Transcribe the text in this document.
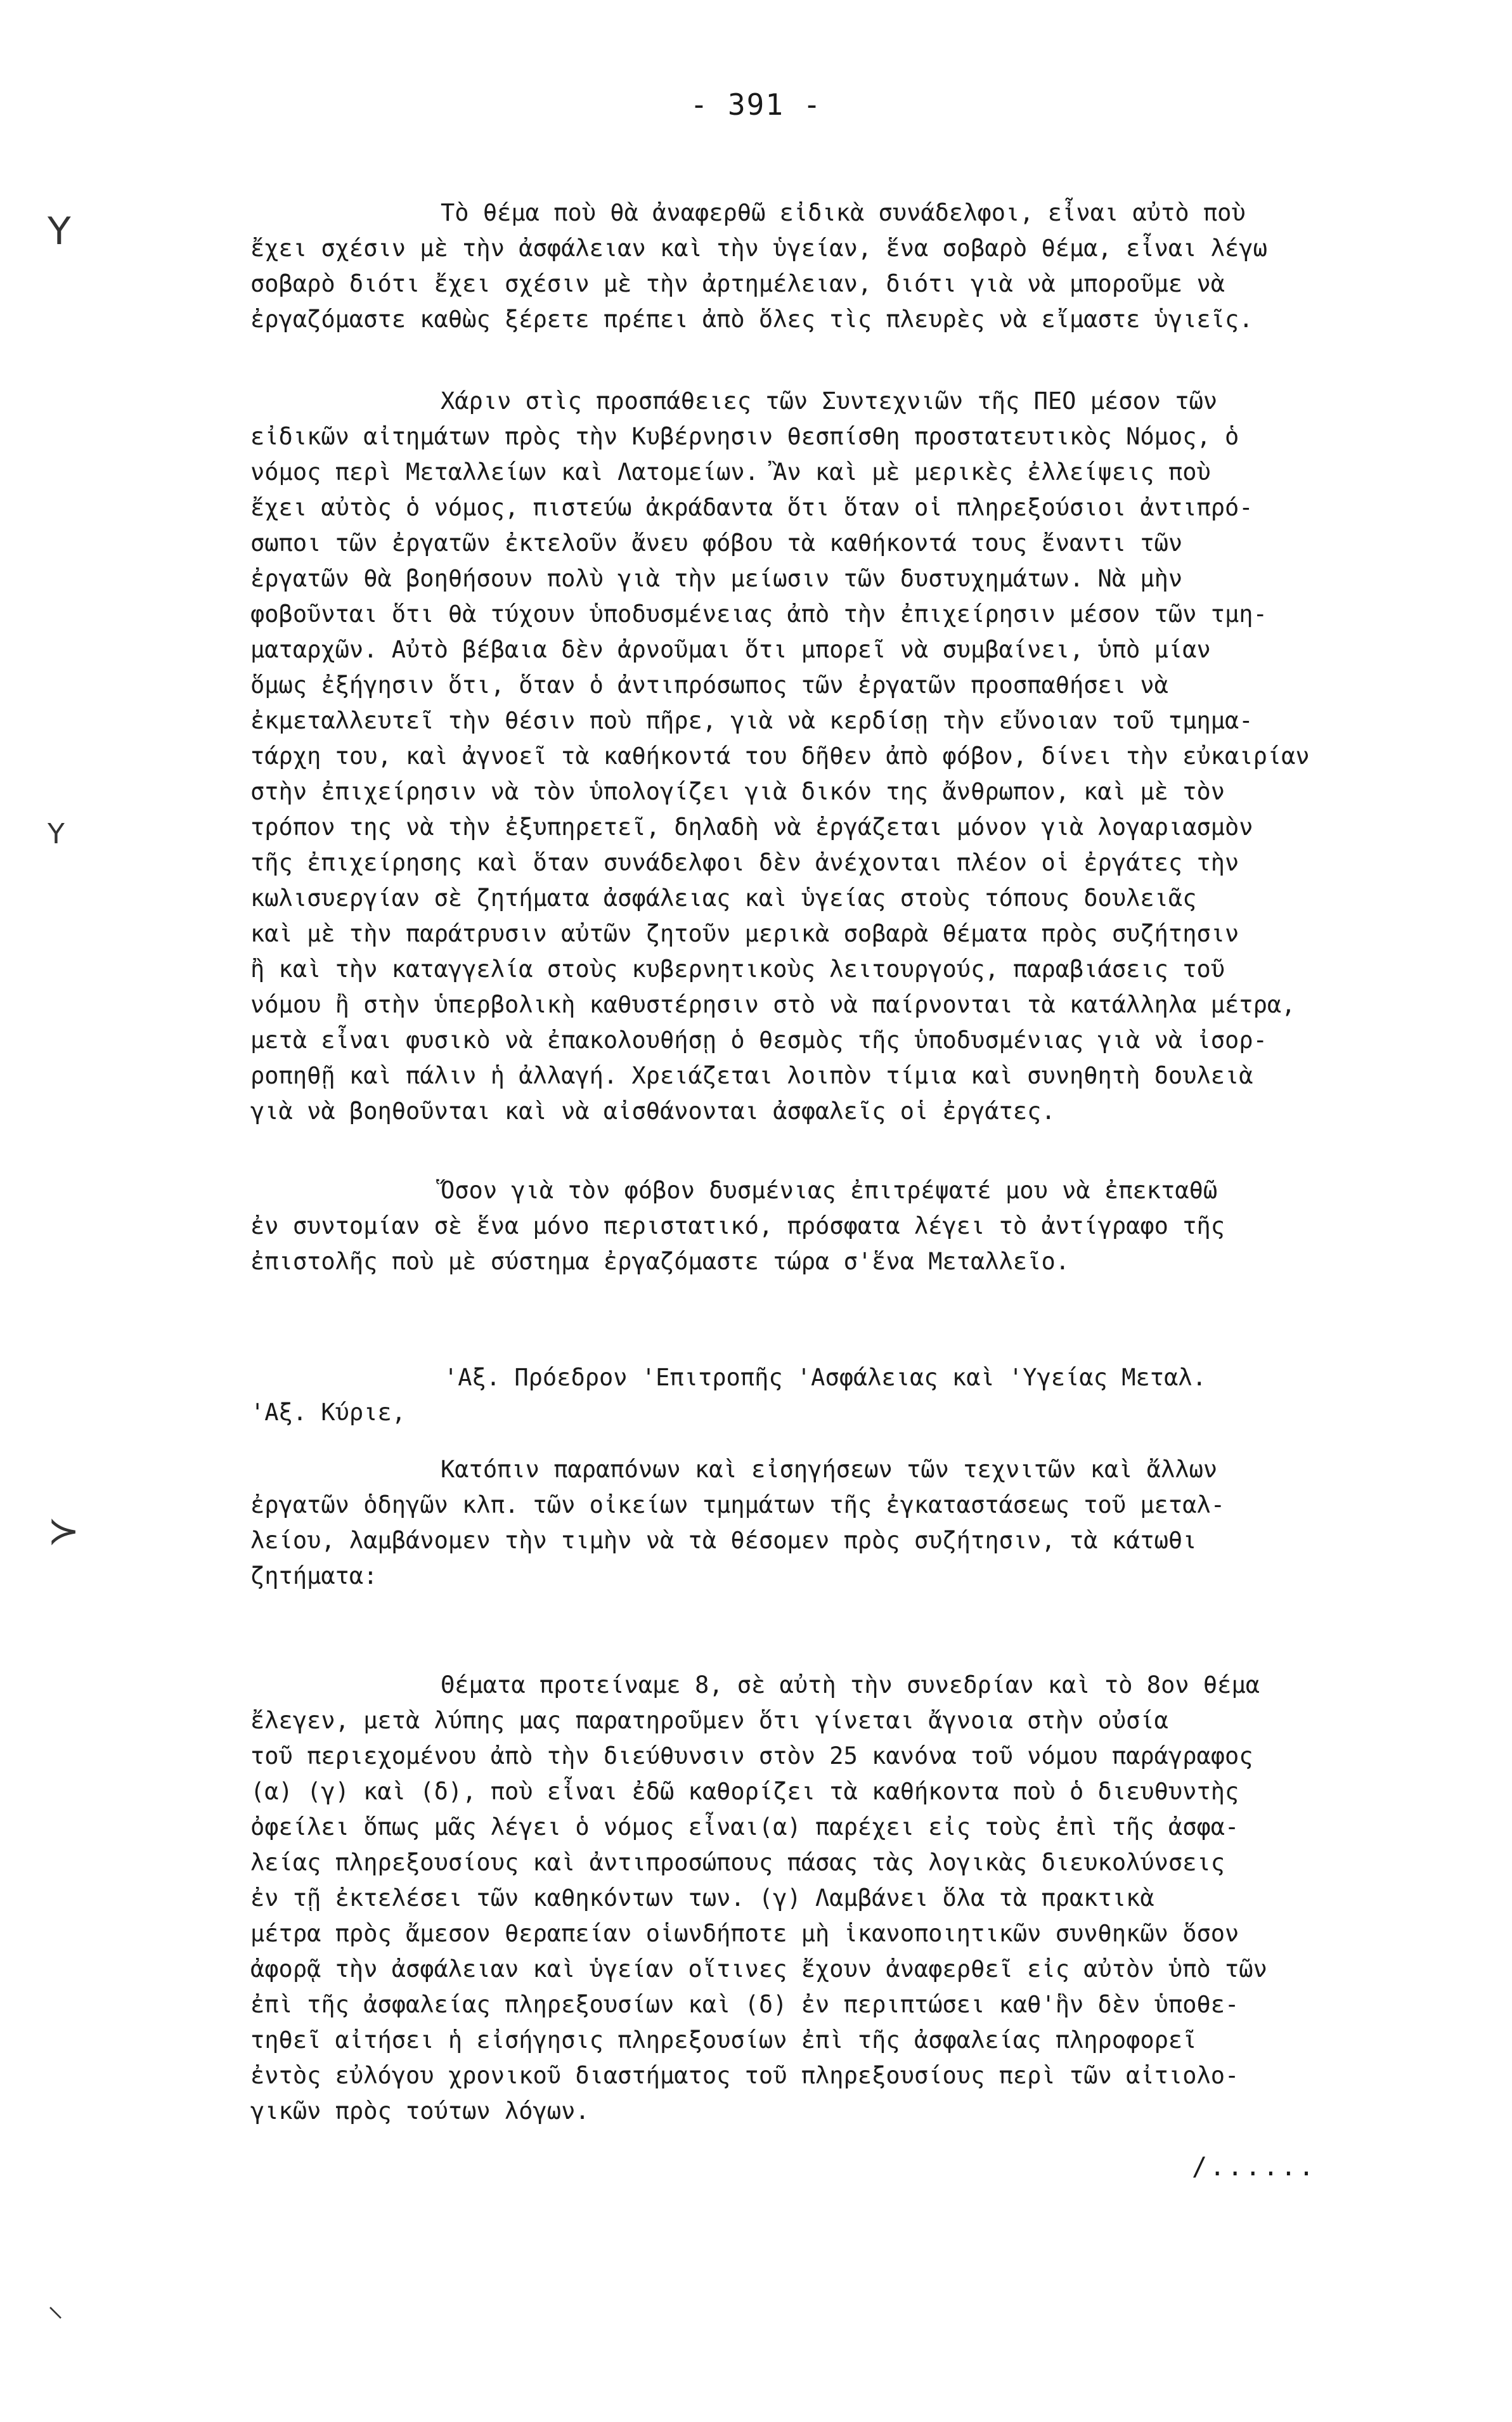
- 391 -
Y
Y
≻
⸜

Τὸ θέμα ποὺ θὰ ἀναφερθῶ εἰδικὰ συνάδελφοι, εἶναι αὐτὸ ποὺ
ἔχει σχέσιν μὲ τὴν ἀσφάλειαν καὶ τὴν ὑγείαν, ἕνα σοβαρὸ θέμα, εἶναι λέγω
σοβαρὸ διότι ἔχει σχέσιν μὲ τὴν ἀρτημέλειαν, διότι γιὰ νὰ μποροῦμε νὰ
ἐργαζόμαστε καθὼς ξέρετε πρέπει ἀπὸ ὅλες τὶς πλευρὲς νὰ εἴμαστε ὑγιεῖς.

Χάριν στὶς προσπάθειες τῶν Συντεχνιῶν τῆς ΠΕΟ μέσον τῶν
εἰδικῶν αἰτημάτων πρὸς τὴν Κυβέρνησιν θεσπίσθη προστατευτικὸς Νόμος, ὁ
νόμος περὶ Μεταλλείων καὶ Λατομείων. Ἂν καὶ μὲ μερικὲς ἐλλείψεις ποὺ
ἔχει αὐτὸς ὁ νόμος, πιστεύω ἀκράδαντα ὅτι ὅταν οἱ πληρεξούσιοι ἀντιπρό-
σωποι τῶν ἐργατῶν ἐκτελοῦν ἄνευ φόβου τὰ καθήκοντά τους ἔναντι τῶν
ἐργατῶν θὰ βοηθήσουν πολὺ γιὰ τὴν μείωσιν τῶν δυστυχημάτων. Νὰ μὴν
φοβοῦνται ὅτι θὰ τύχουν ὑποδυσμένειας ἀπὸ τὴν ἐπιχείρησιν μέσον τῶν τμη-
ματαρχῶν. Αὐτὸ βέβαια δὲν ἀρνοῦμαι ὅτι μπορεῖ νὰ συμβαίνει, ὑπὸ μίαν
ὅμως ἐξήγησιν ὅτι, ὅταν ὁ ἀντιπρόσωπος τῶν ἐργατῶν προσπαθήσει νὰ
ἐκμεταλλευτεῖ τὴν θέσιν ποὺ πῆρε, γιὰ νὰ κερδίσῃ τὴν εὔνοιαν τοῦ τμημα-
τάρχη του, καὶ ἀγνοεῖ τὰ καθήκοντά του δῆθεν ἀπὸ φόβον, δίνει τὴν εὐκαιρίαν
στὴν ἐπιχείρησιν νὰ τὸν ὑπολογίζει γιὰ δικόν της ἄνθρωπον, καὶ μὲ τὸν
τρόπον της νὰ τὴν ἐξυπηρετεῖ, δηλαδὴ νὰ ἐργάζεται μόνον γιὰ λογαριασμὸν
τῆς ἐπιχείρησης καὶ ὅταν συνάδελφοι δὲν ἀνέχονται πλέον οἱ ἐργάτες τὴν
κωλισυεργίαν σὲ ζητήματα ἀσφάλειας καὶ ὑγείας στοὺς τόπους δουλειᾶς
καὶ μὲ τὴν παράτρυσιν αὐτῶν ζητοῦν μερικὰ σοβαρὰ θέματα πρὸς συζήτησιν
ἢ καὶ τὴν καταγγελία στοὺς κυβερνητικοὺς λειτουργούς, παραβιάσεις τοῦ
νόμου ἢ στὴν ὑπερβολικὴ καθυστέρησιν στὸ νὰ παίρνονται τὰ κατάλληλα μέτρα,
μετὰ εἶναι φυσικὸ νὰ ἐπακολουθήσῃ ὁ θεσμὸς τῆς ὑποδυσμένιας γιὰ νὰ ἰσορ-
ροπηθῇ καὶ πάλιν ἡ ἀλλαγή. Χρειάζεται λοιπὸν τίμια καὶ συνηθητὴ δουλειὰ
γιὰ νὰ βοηθοῦνται καὶ νὰ αἰσθάνονται ἀσφαλεῖς οἱ ἐργάτες.

Ὅσον γιὰ τὸν φόβον δυσμένιας ἐπιτρέψατέ μου νὰ ἐπεκταθῶ
ἐν συντομίαν σὲ ἕνα μόνο περιστατικό, πρόσφατα λέγει τὸ ἀντίγραφο τῆς
ἐπιστολῆς ποὺ μὲ σύστημα ἐργαζόμαστε τώρα σ'ἕνα Μεταλλεῖο.

'Αξ. Πρόεδρον 'Επιτροπῆς 'Ασφάλειας καὶ 'Υγείας Μεταλ.
'Αξ. Κύριε,

Κατόπιν παραπόνων καὶ εἰσηγήσεων τῶν τεχνιτῶν καὶ ἄλλων
ἐργατῶν ὁδηγῶν κλπ. τῶν οἰκείων τμημάτων τῆς ἐγκαταστάσεως τοῦ μεταλ-
λείου, λαμβάνομεν τὴν τιμὴν νὰ τὰ θέσομεν πρὸς συζήτησιν, τὰ κάτωθι
ζητήματα:

Θέματα προτείναμε 8, σὲ αὐτὴ τὴν συνεδρίαν καὶ τὸ 8ον θέμα
ἔλεγεν, μετὰ λύπης μας παρατηροῦμεν ὅτι γίνεται ἄγνοια στὴν οὐσία
τοῦ περιεχομένου ἀπὸ τὴν διεύθυνσιν στὸν 25 κανόνα τοῦ νόμου παράγραφος
(α) (γ) καὶ (δ), ποὺ εἶναι ἐδῶ καθορίζει τὰ καθήκοντα ποὺ ὁ διευθυντὴς
ὀφείλει ὅπως μᾶς λέγει ὁ νόμος εἶναι(α) παρέχει εἰς τοὺς ἐπὶ τῆς ἀσφα-
λείας πληρεξουσίους καὶ ἀντιπροσώπους πάσας τὰς λογικὰς διευκολύνσεις
ἐν τῇ ἐκτελέσει τῶν καθηκόντων των. (γ) Λαμβάνει ὅλα τὰ πρακτικὰ
μέτρα πρὸς ἄμεσον θεραπείαν οἱωνδήποτε μὴ ἱκανοποιητικῶν συνθηκῶν ὅσον
ἀφορᾷ τὴν ἀσφάλειαν καὶ ὑγείαν οἵτινες ἔχουν ἀναφερθεῖ εἰς αὐτὸν ὑπὸ τῶν
ἐπὶ τῆς ἀσφαλείας πληρεξουσίων καὶ (δ) ἐν περιπτώσει καθ'ἣν δὲν ὑποθε-
τηθεῖ αἰτήσει ἡ εἰσήγησις πληρεξουσίων ἐπὶ τῆς ἀσφαλείας πληροφορεῖ
ἐντὸς εὐλόγου χρονικοῦ διαστήματος τοῦ πληρεξουσίους περὶ τῶν αἰτιολο-
γικῶν πρὸς τούτων λόγων.

/......
